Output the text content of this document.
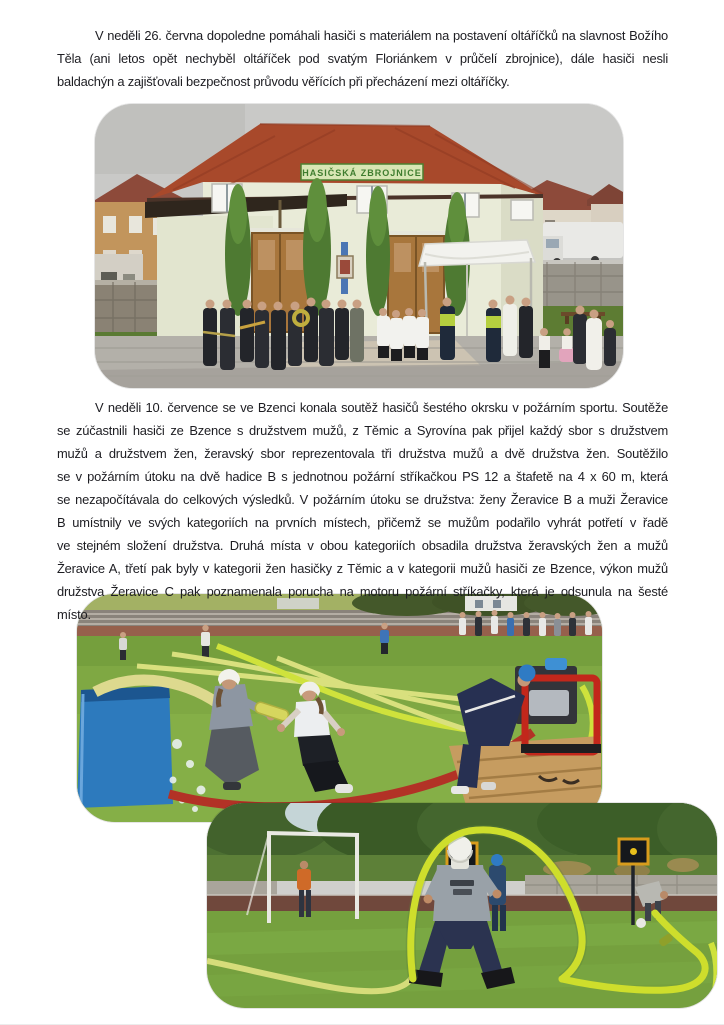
V neděli 26. června dopoledne pomáhali hasiči s materiálem na postavení oltáříčků na slavnost Božího
Těla (ani letos opět nechyběl oltáříček pod svatým Floriánkem v průčelí zbrojnice), dále hasiči nesli
baldachýn a zajišťovali bezpečnost průvodu věřících při přecházení mezi oltáříčky.
HASIČSKÁ ZBROJNICE
V neděli 10. července se ve Bzenci konala soutěž hasičů šestého okrsku v požárním sportu. Soutěže
se zúčastnili hasiči ze Bzence s družstvem mužů, z Těmic a Syrovína pak přijel každý sbor s družstvem
mužů a družstvem žen, žeravský sbor reprezentovala tři družstva mužů a dvě družstva žen. Soutěžilo
se v požárním útoku na dvě hadice B s jednotnou požární stříkačkou PS 12 a štafetě na 4 x 60 m, která
se nezapočítávala do celkových výsledků. V požárním útoku se družstva: ženy Žeravice B a muži Žeravice
B umístnily ve svých kategoriích na prvních místech, přičemž se mužům podařilo vyhrát potřetí v řadě
ve stejném složení družstva. Druhá místa v obou kategoriích obsadila družstva žeravských žen a mužů
Žeravice A, třetí pak byly v kategorii žen hasičky z Těmic a v kategorii mužů hasiči ze Bzence, výkon mužů
družstva Žeravice C pak poznamenala porucha na motoru požární stříkačky, která je odsunula na šesté
místo.
